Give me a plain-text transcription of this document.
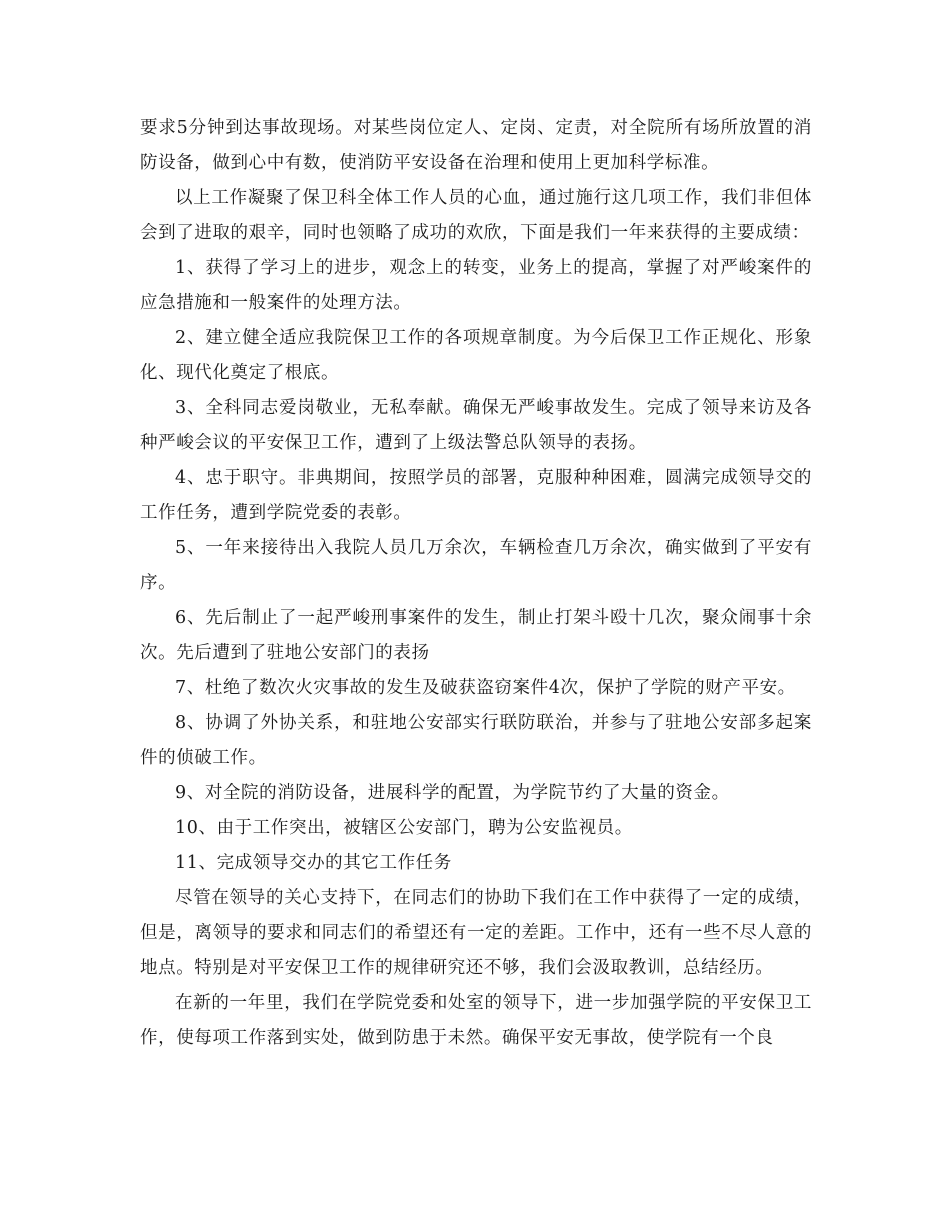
要求5分钟到达事故现场。对某些岗位定人、定岗、定责，对全院所有场所放置的消防设备，做到心中有数，使消防平安设备在治理和使用上更加科学标准。

以上工作凝聚了保卫科全体工作人员的心血，通过施行这几项工作，我们非但体会到了进取的艰辛，同时也领略了成功的欢欣，下面是我们一年来获得的主要成绩：

1、获得了学习上的进步，观念上的转变，业务上的提高，掌握了对严峻案件的应急措施和一般案件的处理方法。

2、建立健全适应我院保卫工作的各项规章制度。为今后保卫工作正规化、形象化、现代化奠定了根底。

3、全科同志爱岗敬业，无私奉献。确保无严峻事故发生。完成了领导来访及各种严峻会议的平安保卫工作，遭到了上级法警总队领导的表扬。

4、忠于职守。非典期间，按照学员的部署，克服种种困难，圆满完成领导交的工作任务，遭到学院党委的表彰。

5、一年来接待出入我院人员几万余次，车辆检查几万余次，确实做到了平安有序。

6、先后制止了一起严峻刑事案件的发生，制止打架斗殴十几次，聚众闹事十余次。先后遭到了驻地公安部门的表扬

7、杜绝了数次火灾事故的发生及破获盗窃案件4次，保护了学院的财产平安。

8、协调了外协关系，和驻地公安部实行联防联治，并参与了驻地公安部多起案件的侦破工作。

9、对全院的消防设备，进展科学的配置，为学院节约了大量的资金。

10、由于工作突出，被辖区公安部门，聘为公安监视员。

11、完成领导交办的其它工作任务

尽管在领导的关心支持下，在同志们的协助下我们在工作中获得了一定的成绩，但是，离领导的要求和同志们的希望还有一定的差距。工作中，还有一些不尽人意的地点。特别是对平安保卫工作的规律研究还不够，我们会汲取教训，总结经历。

在新的一年里，我们在学院党委和处室的领导下，进一步加强学院的平安保卫工作，使每项工作落到实处，做到防患于未然。确保平安无事故，使学院有一个良
